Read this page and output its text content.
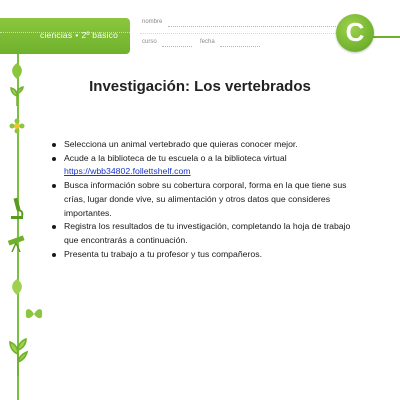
ciencias • 2º básico
nombre
curso	fecha	C
Investigación: Los vertebrados
Selecciona un animal vertebrado que quieras conocer mejor.
Acude a la biblioteca de tu escuela o a la biblioteca virtual
https://wbb34802.follettshelf.com
Busca información sobre su cobertura corporal, forma en la que tiene sus crías, lugar donde vive, su alimentación y otros datos que consideres importantes.
Registra los resultados de tu investigación, completando la hoja de trabajo que encontrarás a continuación.
Presenta tu trabajo a tu profesor y tus compañeros.
